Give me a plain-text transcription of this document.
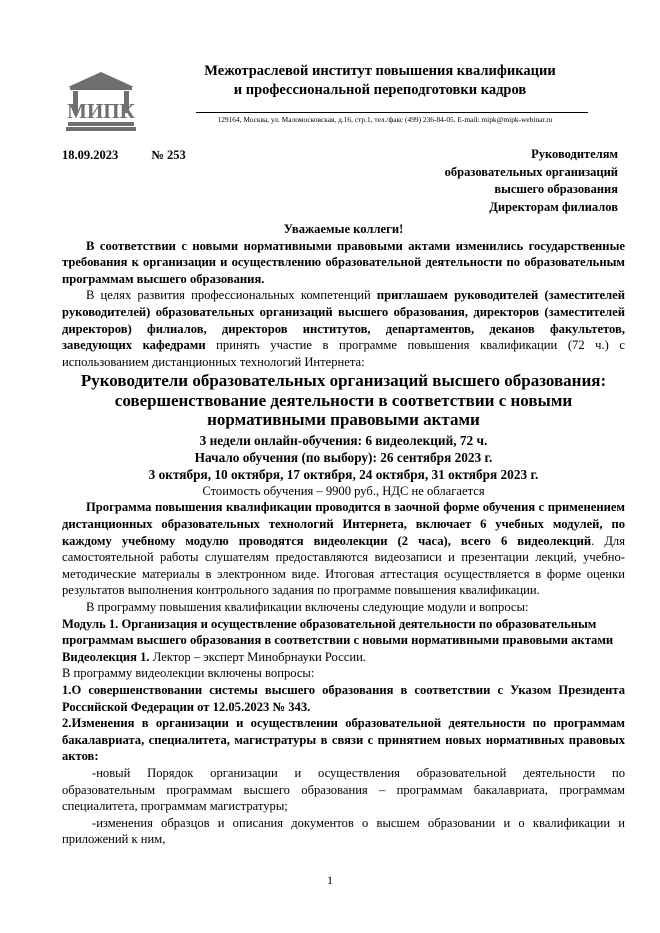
МИПК
Межотраслевой институт повышения квалификации
и профессиональной переподготовки кадров
129164, Москва, ул. Маломосковская, д.16, стр.1, тел./факс (499) 236-84-05. E-mail: mipk@mipk-webinar.ru
18.09.2023	№ 253	Руководителям
образовательных организаций
высшего образования
Директорам филиалов

Уважаемые коллеги!

В соответствии с новыми нормативными правовыми актами изменились государственные требования к организации и осуществлению образовательной деятельности по образовательным программам высшего образования.

В целях развития профессиональных компетенций приглашаем руководителей (заместителей руководителей) образовательных организаций высшего образования, директоров (заместителей директоров) филиалов, директоров институтов, департаментов, деканов факультетов, заведующих кафедрами принять участие в программе повышения квалификации (72 ч.) с использованием дистанционных технологий Интернета:

Руководители образовательных организаций высшего образования: совершенствование деятельности в соответствии с новыми нормативными правовыми актами

3 недели онлайн-обучения: 6 видеолекций, 72 ч.

Начало обучения (по выбору): 26 сентября 2023 г.

3 октября, 10 октября, 17 октября, 24 октября, 31 октября 2023 г.

Стоимость обучения – 9900 руб., НДС не облагается

Программа повышения квалификации проводится в заочной форме обучения с применением дистанционных образовательных технологий Интернета, включает 6 учебных модулей, по каждому учебному модулю проводятся видеолекции (2 часа), всего 6 видеолекций. Для самостоятельной работы слушателям предоставляются видеозаписи и презентации лекций, учебно-методические материалы в электронном виде. Итоговая аттестация осуществляется в форме оценки результатов выполнения контрольного задания по программе повышения квалификации.

В программу повышения квалификации включены следующие модули и вопросы:

Модуль 1. Организация и осуществление образовательной деятельности по образовательным программам высшего образования в соответствии с новыми нормативными правовыми актами

Видеолекция 1. Лектор – эксперт Минобрнауки России.

В программу видеолекции включены вопросы:

1.О совершенствовании системы высшего образования в соответствии с Указом Президента Российской Федерации от 12.05.2023 № 343.

2.Изменения в организации и осуществлении образовательной деятельности по программам бакалавриата, специалитета, магистратуры в связи с принятием новых нормативных правовых актов:

-новый Порядок организации и осуществления образовательной деятельности по образовательным программам высшего образования – программам бакалавриата, программам специалитета, программам магистратуры;

-изменения образцов и описания документов о высшем образовании и о квалификации и приложений к ним,

1
